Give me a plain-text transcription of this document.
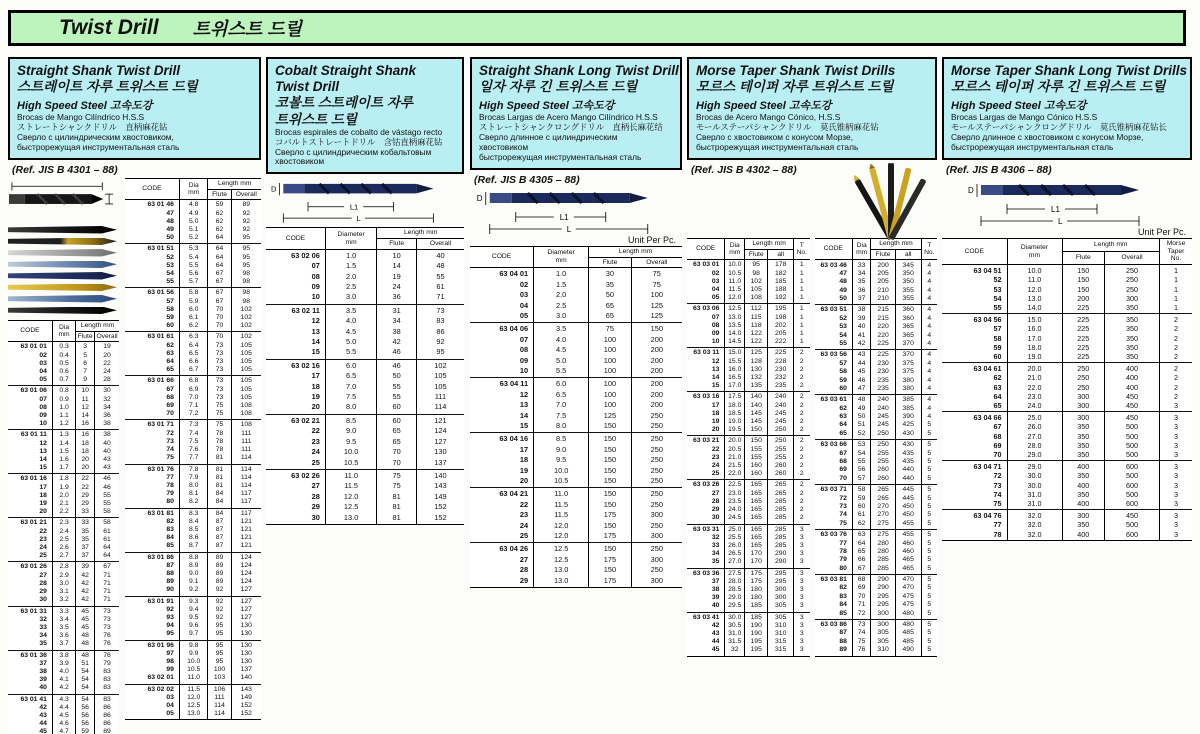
Twist Drill 트위스트 드릴
Straight Shank Twist Drill
스트레이트 자루 트위스트 드릴
High Speed Steel 고속도강
Brocas de Mango Cilíndrico H.S.S
ストレートシャンクドリル　直柄麻花钻
Сверло с цилиндрическим хвостовиком,
быстрорежущая инструментальная сталь
(Ref. JIS B 4301 – 88)
CODE	Dia
mm	Length mm	
		Flute	Overall
63 01 01	0.3	3	19
02	0.4	5	20
03	0.5	6	22
04	0.6	7	24
05	0.7	9	28
63 01 06	0.8	10	30
07	0.9	11	32
08	1.0	12	34
09	1.1	14	36
10	1.2	16	38
63 01 11	1.3	16	38
12	1.4	18	40
13	1.5	18	40
14	1.6	20	43
15	1.7	20	43
63 01 16	1.8	22	46
17	1.9	22	46
18	2.0	29	55
19	2.1	29	55
20	2.2	33	58
63 01 21	2.3	33	58
22	2.4	35	61
23	2.5	35	61
24	2.6	37	64
25	2.7	37	64
63 01 26	2.8	39	67
27	2.9	42	71
28	3.0	42	71
29	3.1	42	71
30	3.2	42	71
63 01 31	3.3	45	73
32	3.4	45	73
33	3.5	45	73
34	3.6	48	76
35	3.7	48	76
63 01 36	3.8	48	76
37	3.9	51	79
38	4.0	54	83
39	4.1	54	83
40	4.2	54	83
63 01 41	4.3	54	83
42	4.4	56	86
43	4.5	56	86
44	4.6	56	86
45	4.7	59	89
CODE	Dia
mm	Length mm	
		Flute	Overall
63 01 46	4.8	59	89
47	4.9	62	92
48	5.0	62	92
49	5.1	62	92
50	5.2	64	95
63 01 51	5.3	64	95
52	5.4	64	95
53	5.5	64	95
54	5.6	67	98
55	5.7	67	98
63 01 56	5.8	67	98
57	5.9	67	98
58	6.0	70	102
59	6.1	70	102
60	6.2	70	102
63 01 61	6.3	70	102
62	6.4	73	105
63	6.5	73	105
64	6.6	73	105
65	6.7	73	105
63 01 66	6.8	73	105
67	6.9	73	105
68	7.0	73	105
69	7.1	75	108
70	7.2	75	108
63 01 71	7.3	75	108
72	7.4	78	111
73	7.5	78	111
74	7.6	78	111
75	7.7	81	114
63 01 76	7.8	81	114
77	7.9	81	114
78	8.0	81	114
79	8.1	84	117
80	8.2	84	117
63 01 81	8.3	84	117
82	8.4	87	121
83	8.5	87	121
84	8.6	87	121
85	8.7	87	121
63 01 86	8.8	89	124
87	8.9	89	124
88	9.0	89	124
89	9.1	89	124
90	9.2	92	127
63 01 91	9.3	92	127
92	9.4	92	127
93	9.5	92	127
94	9.6	95	130
95	9.7	95	130
63 01 96	9.8	95	130
97	9.9	95	130
98	10.0	95	130
99	10.5	100	137
63 02 01	11.0	103	140
63 02 02	11.5	106	143
03	12.0	111	149
04	12.5	114	152
05	13.0	114	152
Cobalt Straight Shank
Twist Drill
코볼트 스트레이트 자루
트위스트 드릴
Brocas espirales de cobalto de vástago recto
コバルトストレートドリル　含钴直柄麻花钻
Сверло с цилиндрическим кобальтовым
хвостовиком
D
L1
L
CODE	Diameter
mm	Length mm	
		Flute	Overall
63 02 06	1.0	10	40
07	1.5	14	48
08	2.0	19	55
09	2.5	24	61
10	3.0	36	71
63 02 11	3.5	31	73
12	4.0	34	83
13	4.5	38	86
14	5.0	42	92
15	5.5	46	95
63 02 16	6.0	46	102
17	6.5	50	105
18	7.0	55	105
19	7.5	55	111
20	8.0	60	114
63 02 21	8.5	60	121
22	9.0	65	124
23	9.5	65	127
24	10.0	70	130
25	10.5	70	137
63 02 26	11.0	75	140
27	11.5	75	143
28	12.0	81	149
29	12.5	81	152
30	13.0	81	152
Straight Shank Long Twist Drill
일자 자루 긴 트위스트 드릴
High Speed Steel 고속도강
Brocas Largas de Acero Mango Cilíndrico H.S.S
ストレートシャンクロングドリル　直柄长麻花结
Сверло длинное с цилиндрическим
хвостовиком
быстрорежущая инструментальная сталь
(Ref. JIS B 4305 – 88)
D
L1
L
Unit Per Pc.
CODE	Diameter
mm	Length mm	
		Flute	Overall
63 04 01	1.0	30	75
02	1.5	35	75
03	2.0	50	100
04	2.5	65	125
05	3.0	65	125
63 04 06	3.5	75	150
07	4.0	100	200
08	4.5	100	200
09	5.0	100	200
10	5.5	100	200
63 04 11	6.0	100	200
12	6.5	100	200
13	7.0	100	200
14	7.5	125	250
15	8.0	150	250
63 04 16	8.5	150	250
17	9.0	150	250
18	9.5	150	250
19	10.0	150	250
20	10.5	150	250
63 04 21	11.0	150	250
22	11.5	150	250
23	11.5	175	300
24	12.0	150	250
25	12.0	175	300
63 04 26	12.5	150	250
27	12.5	175	300
28	13.0	150	250
29	13.0	175	300
Morse Taper Shank Twist Drills
모르스 테이퍼 자루 트위스트 드릴
High Speed Steel 고속도강
Brocas de Acero Mango Cónico, H.S.S
モールステーパシャンクドリル　莫氏锥柄麻花钻
Сверло с хвостовиком с конусом Морзе,
быстрорежущая инструментальная сталь
(Ref. JIS B 4302 – 88)
CODE	Dia
mm	Length mm		T
No.
		Flute	all	
63 03 01	10.0	95	178	1
02	10.5	98	182	1
03	11.0	102	185	1
04	11.5	105	188	1
05	12.0	108	192	1
63 03 06	12.5	112	195	1
07	13.0	115	198	1
08	13.5	118	202	1
09	14.0	122	205	1
10	14.5	122	222	1
63 03 11	15.0	125	225	2
12	15.5	128	228	2
13	16.0	130	230	2
14	16.5	132	232	2
15	17.0	135	235	2
63 03 16	17.5	140	240	2
17	18.0	140	240	2
18	18.5	145	245	2
19	19.0	145	245	2
20	19.5	150	250	2
63 03 21	20.0	150	250	2
22	20.5	155	255	2
23	21.0	155	255	2
24	21.5	160	260	2
25	22.0	160	260	2
63 03 26	22.5	165	265	2
27	23.0	165	265	2
28	23.5	165	285	2
29	24.0	165	285	2
30	24.5	165	285	2
63 03 31	25.0	165	285	3
32	25.5	165	285	3
33	26.0	165	285	3
34	26.5	170	290	3
35	27.0	170	290	3
63 03 36	27.5	175	295	3
37	28.0	175	295	3
38	28.5	180	300	3
39	29.0	180	300	3
40	29.5	185	305	3
63 03 41	30.0	185	305	3
42	30.5	190	310	3
43	31.0	190	310	3
44	31.5	195	315	3
45	32	195	315	3
CODE	Dia
mm	Length mm		T
No.
		Flute	all	
63 03 46	33	200	345	4
47	34	205	350	4
48	35	205	350	4
49	36	210	355	4
50	37	210	355	4
63 03 51	38	215	360	4
52	39	215	360	4
53	40	220	365	4
54	41	220	365	4
55	42	225	370	4
63 03 56	43	225	370	4
57	44	230	375	4
58	45	230	375	4
59	46	235	380	4
60	47	235	380	4
63 03 61	48	240	385	4
62	49	240	385	4
63	50	245	390	4
64	51	245	425	5
65	52	250	430	5
63 03 66	53	250	430	5
67	54	255	435	5
68	55	255	435	5
69	56	260	440	5
70	57	260	440	5
63 03 71	58	265	445	5
72	59	265	445	5
73	60	270	450	5
74	61	270	450	5
75	62	275	455	5
63 03 76	63	275	455	5
77	64	280	460	5
78	65	280	460	5
79	66	285	465	5
80	67	285	465	5
63 03 81	68	290	470	5
82	69	290	470	5
83	70	295	475	5
84	71	295	475	5
85	72	300	480	5
63 03 86	73	300	480	5
87	74	305	485	5
88	75	305	485	5
89	76	310	490	5
Morse Taper Shank Long Twist Drills
모르스 테이퍼 자루 긴 트위스트 드릴
High Speed Steel 고속도강
Brocas Largas de Mango Cónico H.S.S
モールステーパシャンクロングドリル　莫氏锥柄麻花钻长
Сверло длинное с хвостовиком с конусом Морзе,
быстрорежущая инструментальная сталь
(Ref. JIS B 4306 – 88)
D
L1
L
Unit Per Pc.
CODE	Diameter
mm	Length mm		Morse
Taper
No.
		Flute	Overall	
63 04 51	10.0	150	250	1
52	11.0	150	250	1
53	12.0	150	250	1
54	13.0	200	300	1
55	14.0	225	350	1
63 04 56	15.0	225	350	2
57	16.0	225	350	2
58	17.0	225	350	2
59	18.0	225	350	2
60	19.0	225	350	2
63 04 61	20.0	250	400	2
62	21.0	250	400	2
63	22.0	250	400	2
64	23.0	300	450	2
65	24.0	300	450	3
63 04 66	25.0	300	450	3
67	26.0	350	500	3
68	27.0	350	500	3
69	28.0	350	500	3
70	29.0	350	500	3
63 04 71	29.0	400	600	3
72	30.0	350	500	3
73	30.0	400	600	3
74	31.0	350	500	3
75	31.0	400	600	3
63 04 76	32.0	300	450	3
77	32.0	350	500	3
78	32.0	400	600	3
